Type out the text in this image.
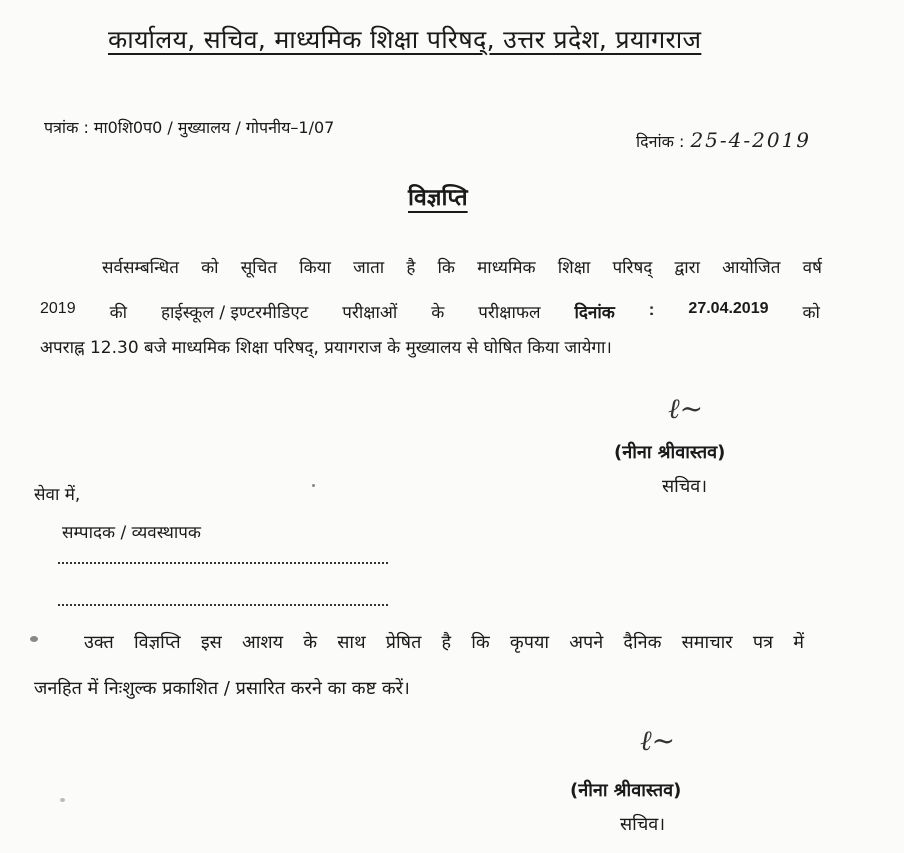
कार्यालय, सचिव, माध्यमिक शिक्षा परिषद्, उत्तर प्रदेश, प्रयागराज
पत्रांक : मा0शि0प0 / मुख्यालय / गोपनीय–1/07
दिनांक : 25-4-2019
विज्ञप्ति
सर्वसम्बन्धित को सूचित किया जाता है कि माध्यमिक शिक्षा परिषद् द्वारा आयोजित वर्ष
2019 की हाईस्कूल / इण्टरमीडिएट परीक्षाओं के परीक्षाफल दिनांक : 27.04.2019 को
अपराह्न 12.30 बजे माध्यमिक शिक्षा परिषद्, प्रयागराज के मुख्यालय से घोषित किया जायेगा।
ℓ~
(नीना श्रीवास्तव)
सचिव।
सेवा में,
सम्पादक / व्यवस्थापक
उक्त विज्ञप्ति इस आशय के साथ प्रेषित है कि कृपया अपने दैनिक समाचार पत्र में
जनहित में निःशुल्क प्रकाशित / प्रसारित करने का कष्ट करें।
ℓ~
(नीना श्रीवास्तव)
सचिव।
